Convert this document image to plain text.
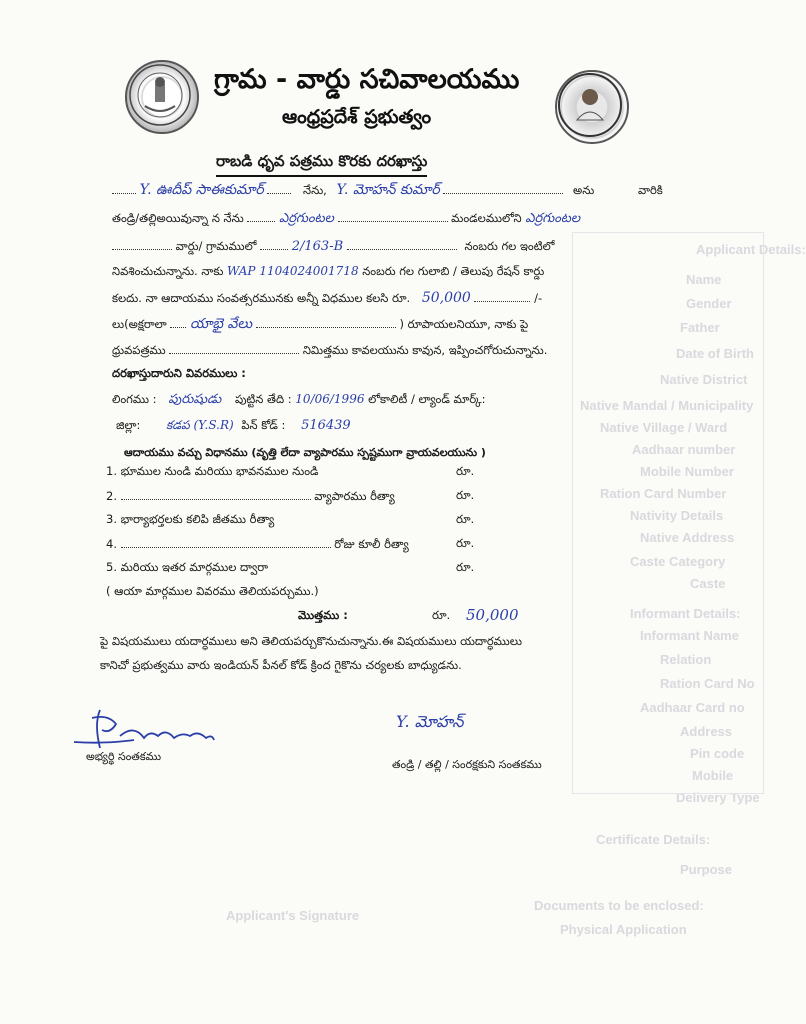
Applicant Details:
Name
Gender
Father
Date of Birth
Native District
Native Mandal / Municipality
Native Village / Ward
Aadhaar number
Mobile Number
Ration Card Number
Nativity Details
Native Address
Caste Category
Caste
Informant Details:
Informant Name
Relation
Ration Card No
Aadhaar Card no
Address
Pin code
Mobile
Delivery Type
Certificate Details:
Purpose
Documents to be enclosed:
Physical Application
Applicant's Signature
గ్రామ - వార్డు సచివాలయము
ఆంధ్రప్రదేశ్ ప్రభుత్వం
రాబడి ధృవ పత్రము కొరకు దరఖాస్తు
Y. ఊదీప్ సాఈకుమార్	నేను, Y. మోహన్ కుమార్	అను	వారికి
తండ్రి/తల్లిఅయివున్నా న నేను	ఎర్రగుంటల	మండలములోని ఎర్రగుంటల
వార్డు/ గ్రామములో	2/163-B	నంబరు గల ఇంటిలో
నివశించుచున్నాను. నాకు WAP 1104024001718 నంబరు గల గులాబి / తెలుపు రేషన్ కార్డు
కలదు. నా ఆదాయము సంవత్సరమునకు అన్నీ విధముల కలసి రూ. 50,000	/-
లు(అక్షరాలా యాభై వేలు	) రూపాయలనియూ, నాకు పై
ధ్రువపత్రము	నిమిత్తము కావలయును కావున, ఇప్పించగోరుచున్నాను.
దరఖాస్తుదారుని వివరములు :
లింగము : పురుషుడు పుట్టిన తేది : 10/06/1996 లోకాలిటీ / ల్యాండ్ మార్క్:
జిల్లా: కడప (Y.S.R) పిన్ కోడ్ : 516439
ఆదాయము వచ్చు విధానము (వృత్తి లేదా వ్యాపారము స్పష్టముగా వ్రాయవలయును )
1. భూముల నుండి మరియు భావనముల నుండి	రూ.
2.	వ్యాపారము రీత్యా	రూ.
3. భార్యాభర్తలకు కలిపి జీతము రీత్యా	రూ.
4.	రోజు కూలీ రీత్యా	రూ.
5. మరియు ఇతర మార్గముల ద్వారా	రూ.
( ఆయా మార్గముల వివరము తెలియపర్చుము.)
మొత్తము :	రూ. 50,000
పై విషయములు యదార్ధములు అని తెలియపర్చుకొనుచున్నాను.ఈ విషయములు యదార్ధములు
కానిచో ప్రభుత్వము వారు ఇండియన్ పీనల్ కోడ్ క్రింద గైకొను చర్యలకు బాధ్యుడను.
అభ్యర్థి సంతకము
Y. మోహన్
తండ్రి / తల్లి / సంరక్షకుని సంతకము
